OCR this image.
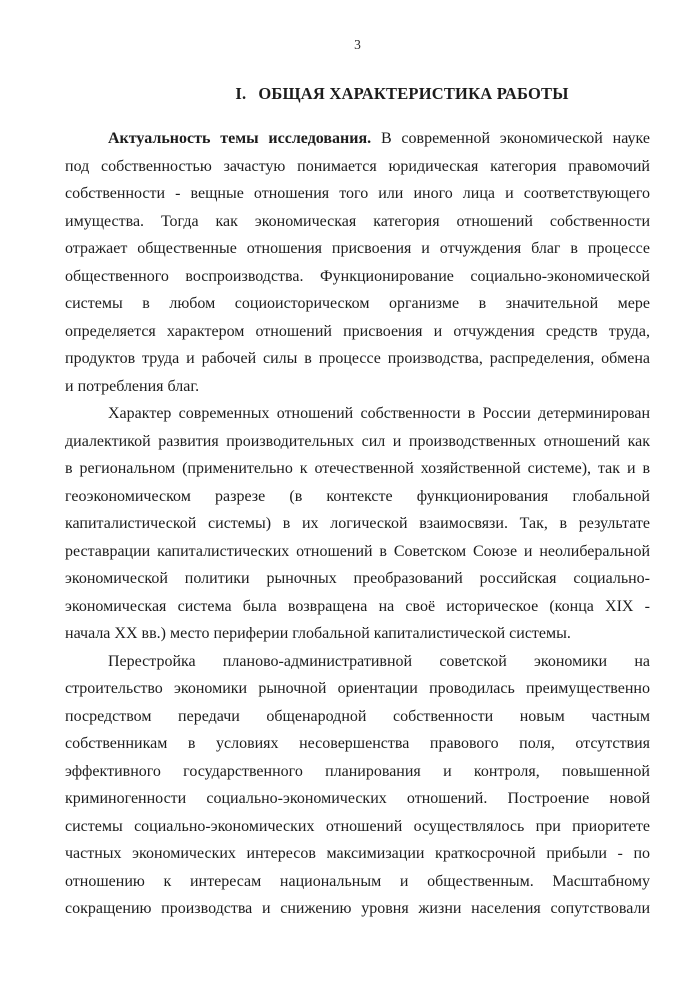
3
I. ОБЩАЯ ХАРАКТЕРИСТИКА РАБОТЫ
Актуальность темы исследования. В современной экономической науке
под собственностью зачастую понимается юридическая категория правомочий
собственности - вещные отношения того или иного лица и соответствующего
имущества. Тогда как экономическая категория отношений собственности
отражает общественные отношения присвоения и отчуждения благ в процессе
общественного воспроизводства. Функционирование социально-экономической
системы в любом социоисторическом организме в значительной мере
определяется характером отношений присвоения и отчуждения средств труда,
продуктов труда и рабочей силы в процессе производства, распределения, обмена
и потребления благ.
Характер современных отношений собственности в России детерминирован
диалектикой развития производительных сил и производственных отношений как
в региональном (применительно к отечественной хозяйственной системе), так и в
геоэкономическом разрезе (в контексте функционирования глобальной
капиталистической системы) в их логической взаимосвязи. Так, в результате
реставрации капиталистических отношений в Советском Союзе и неолиберальной
экономической политики рыночных преобразований российская социально-
экономическая система была возвращена на своё историческое (конца XIX -
начала XX вв.) место периферии глобальной капиталистической системы.
Перестройка планово-административной советской экономики на
строительство экономики рыночной ориентации проводилась преимущественно
посредством передачи общенародной собственности новым частным
собственникам в условиях несовершенства правового поля, отсутствия
эффективного государственного планирования и контроля, повышенной
криминогенности социально-экономических отношений. Построение новой
системы социально-экономических отношений осуществлялось при приоритете
частных экономических интересов максимизации краткосрочной прибыли - по
отношению к интересам национальным и общественным. Масштабному
сокращению производства и снижению уровня жизни населения сопутствовали
